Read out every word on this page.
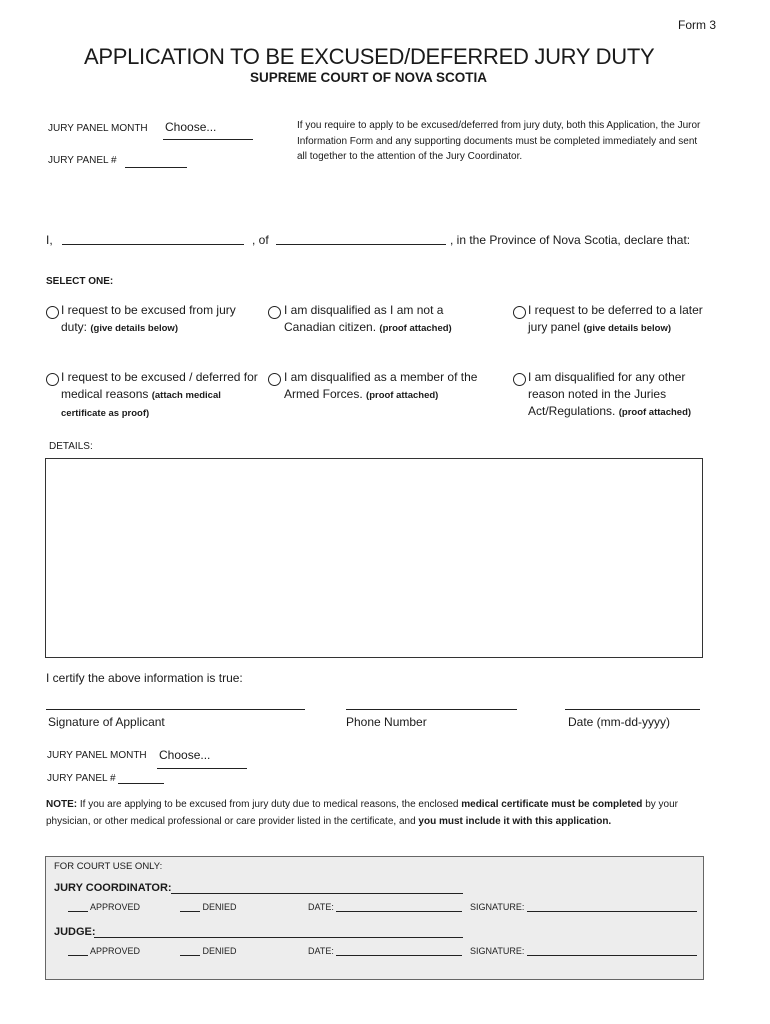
Form 3
APPLICATION TO BE EXCUSED/DEFERRED JURY DUTY
SUPREME COURT OF NOVA SCOTIA
JURY PANEL MONTH Choose...
JURY PANEL #
If you require to apply to be excused/deferred from jury duty, both this Application, the Juror Information Form and any supporting documents must be completed immediately and sent all together to the attention of the Jury Coordinator.
I,	, of	, in the Province of Nova Scotia, declare that:
SELECT ONE:
I request to be excused from jury duty: (give details below)
I am disqualified as I am not a Canadian citizen. (proof attached)
I request to be deferred to a later jury panel (give details below)
I request to be excused / deferred for medical reasons (attach medical certificate as proof)
I am disqualified as a member of the Armed Forces. (proof attached)
I am disqualified for any other reason noted in the Juries Act/Regulations. (proof attached)
DETAILS:
I certify the above information is true:
Signature of Applicant	Phone Number	Date (mm-dd-yyyy)
JURY PANEL MONTH Choose...
JURY PANEL #
NOTE: If you are applying to be excused from jury duty due to medical reasons, the enclosed medical certificate must be completed by your physician, or other medical professional or care provider listed in the certificate, and you must include it with this application.
FOR COURT USE ONLY:
JURY COORDINATOR:
APPROVED	DENIED	DATE:	SIGNATURE:
JUDGE:
APPROVED	DENIED	DATE:	SIGNATURE:
